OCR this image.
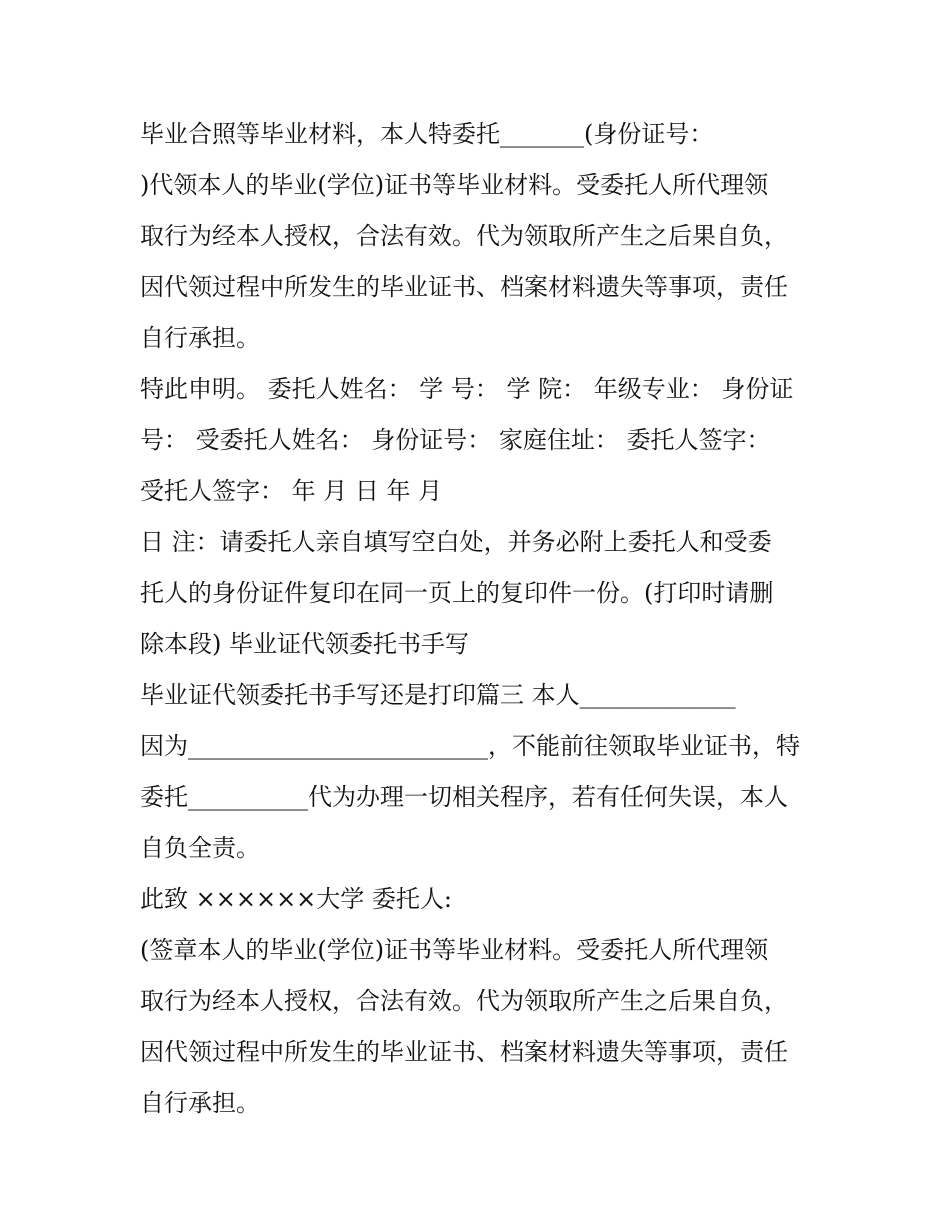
毕业合照等毕业材料，本人特委托_______(身份证号：
)代领本人的毕业(学位)证书等毕业材料。受委托人所代理领
取行为经本人授权，合法有效。代为领取所产生之后果自负，
因代领过程中所发生的毕业证书、档案材料遗失等事项，责任
自行承担。
特此申明。 委托人姓名： 学 号： 学 院： 年级专业： 身份证
号： 受委托人姓名： 身份证号： 家庭住址： 委托人签字：
受托人签字： 年 月 日 年 月
日 注：请委托人亲自填写空白处，并务必附上委托人和受委
托人的身份证件复印在同一页上的复印件一份。(打印时请删
除本段) 毕业证代领委托书手写
毕业证代领委托书手写还是打印篇三 本人_____________
因为_________________________，不能前往领取毕业证书，特
委托__________代为办理一切相关程序，若有任何失误，本人
自负全责。
此致 ××××××大学 委托人:
(签章本人的毕业(学位)证书等毕业材料。受委托人所代理领
取行为经本人授权，合法有效。代为领取所产生之后果自负，
因代领过程中所发生的毕业证书、档案材料遗失等事项，责任
自行承担。
